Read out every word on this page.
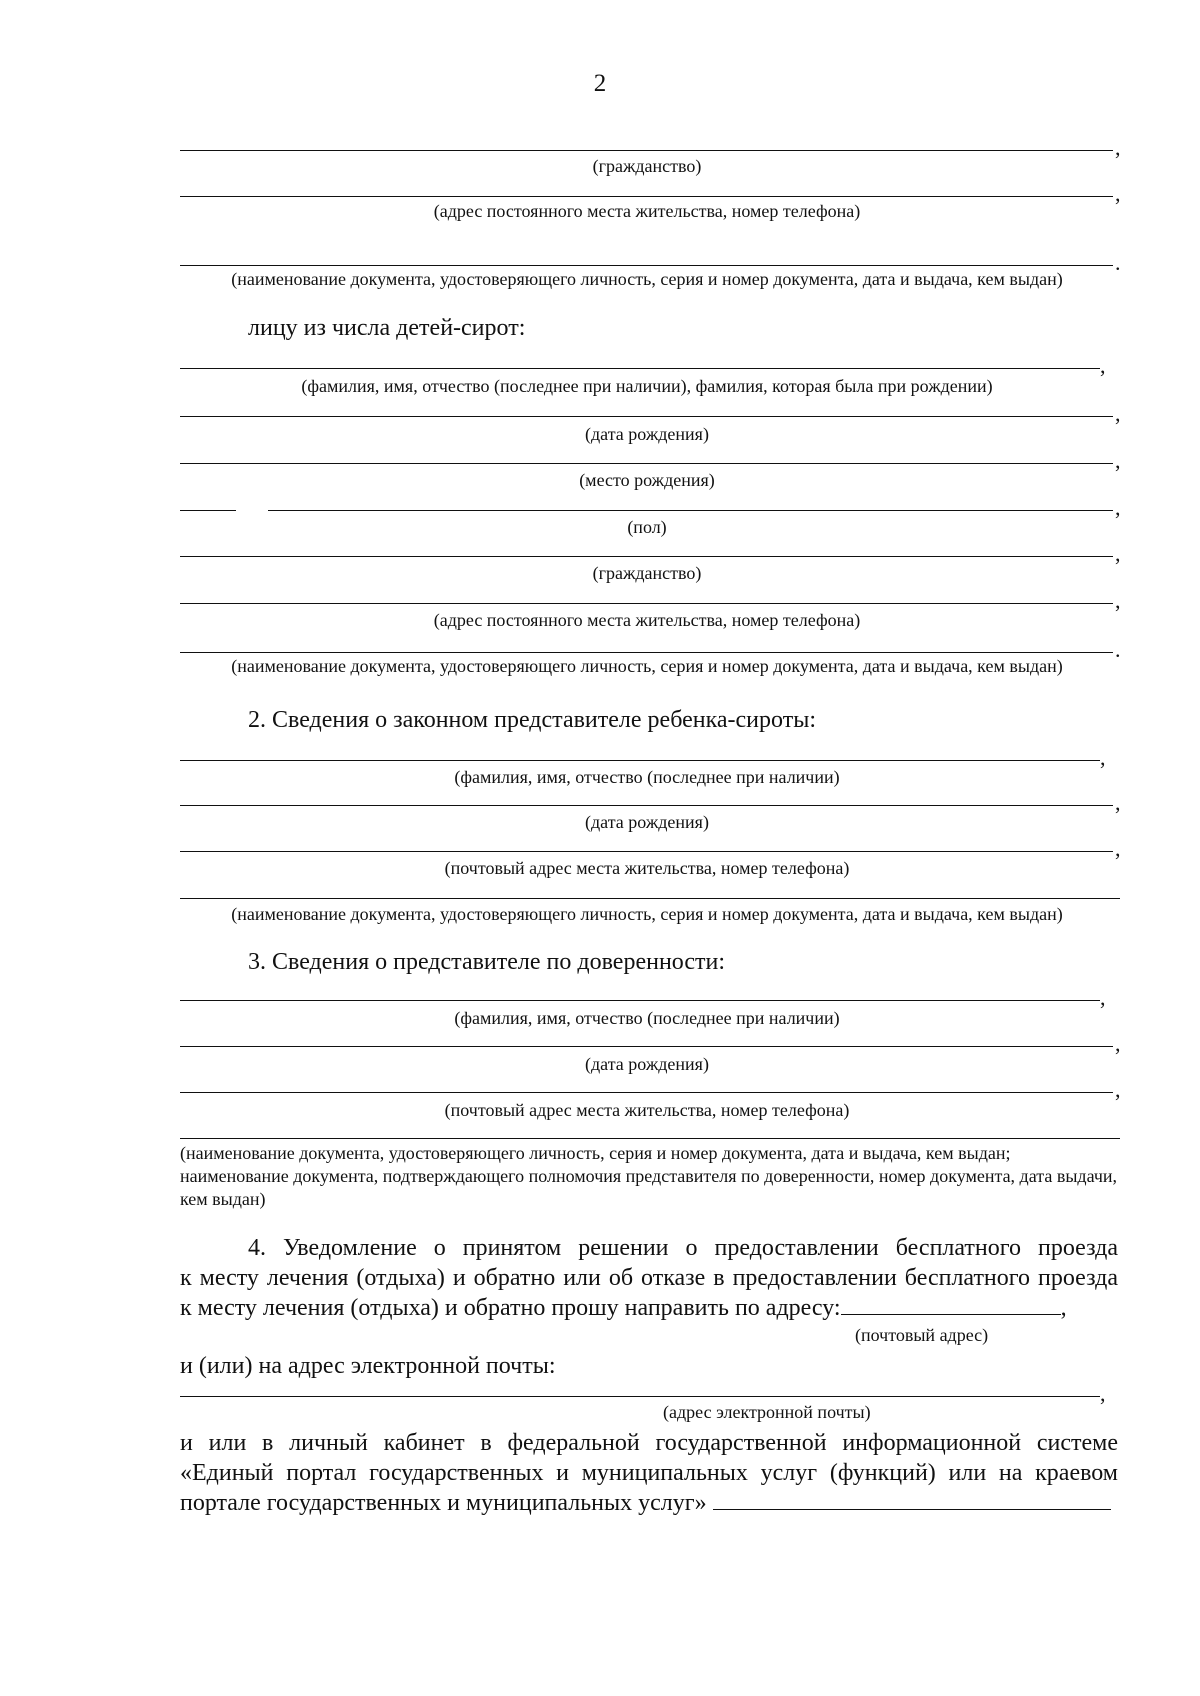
2
,
(гражданство)
,
(адрес постоянного места жительства, номер телефона)
.
(наименование документа, удостоверяющего личность, серия и номер документа, дата и выдача, кем выдан)
лицу из числа детей-сирот:
,
(фамилия, имя, отчество (последнее при наличии), фамилия, которая была при рождении)
,
(дата рождения)
,
(место рождения)
,
(пол)
,
(гражданство)
,
(адрес постоянного места жительства, номер телефона)
.
(наименование документа, удостоверяющего личность, серия и номер документа, дата и выдача, кем выдан)
2. Сведения о законном представителе ребенка-сироты:
,
(фамилия, имя, отчество (последнее при наличии)
,
(дата рождения)
,
(почтовый адрес места жительства, номер телефона)
(наименование документа, удостоверяющего личность, серия и номер документа, дата и выдача, кем выдан)
3. Сведения о представителе по доверенности:
,
(фамилия, имя, отчество (последнее при наличии)
,
(дата рождения)
,
(почтовый адрес места жительства, номер телефона)
(наименование документа, удостоверяющего личность, серия и номер документа, дата и выдача, кем выдан; наименование документа, подтверждающего полномочия представителя по доверенности, номер документа, дата выдачи, кем выдан)
4. Уведомление о принятом решении о предоставлении бесплатного проезда
к месту лечения (отдыха) и обратно или об отказе в предоставлении бесплатного проезда
к месту лечения (отдыха) и обратно прошу направить по адресу:	,
(почтовый адрес)
и (или) на адрес электронной почты:
,
(адрес электронной почты)
и или в личный кабинет в федеральной государственной информационной системе
«Единый портал государственных и муниципальных услуг (функций) или на краевом
портале государственных и муниципальных услуг»
